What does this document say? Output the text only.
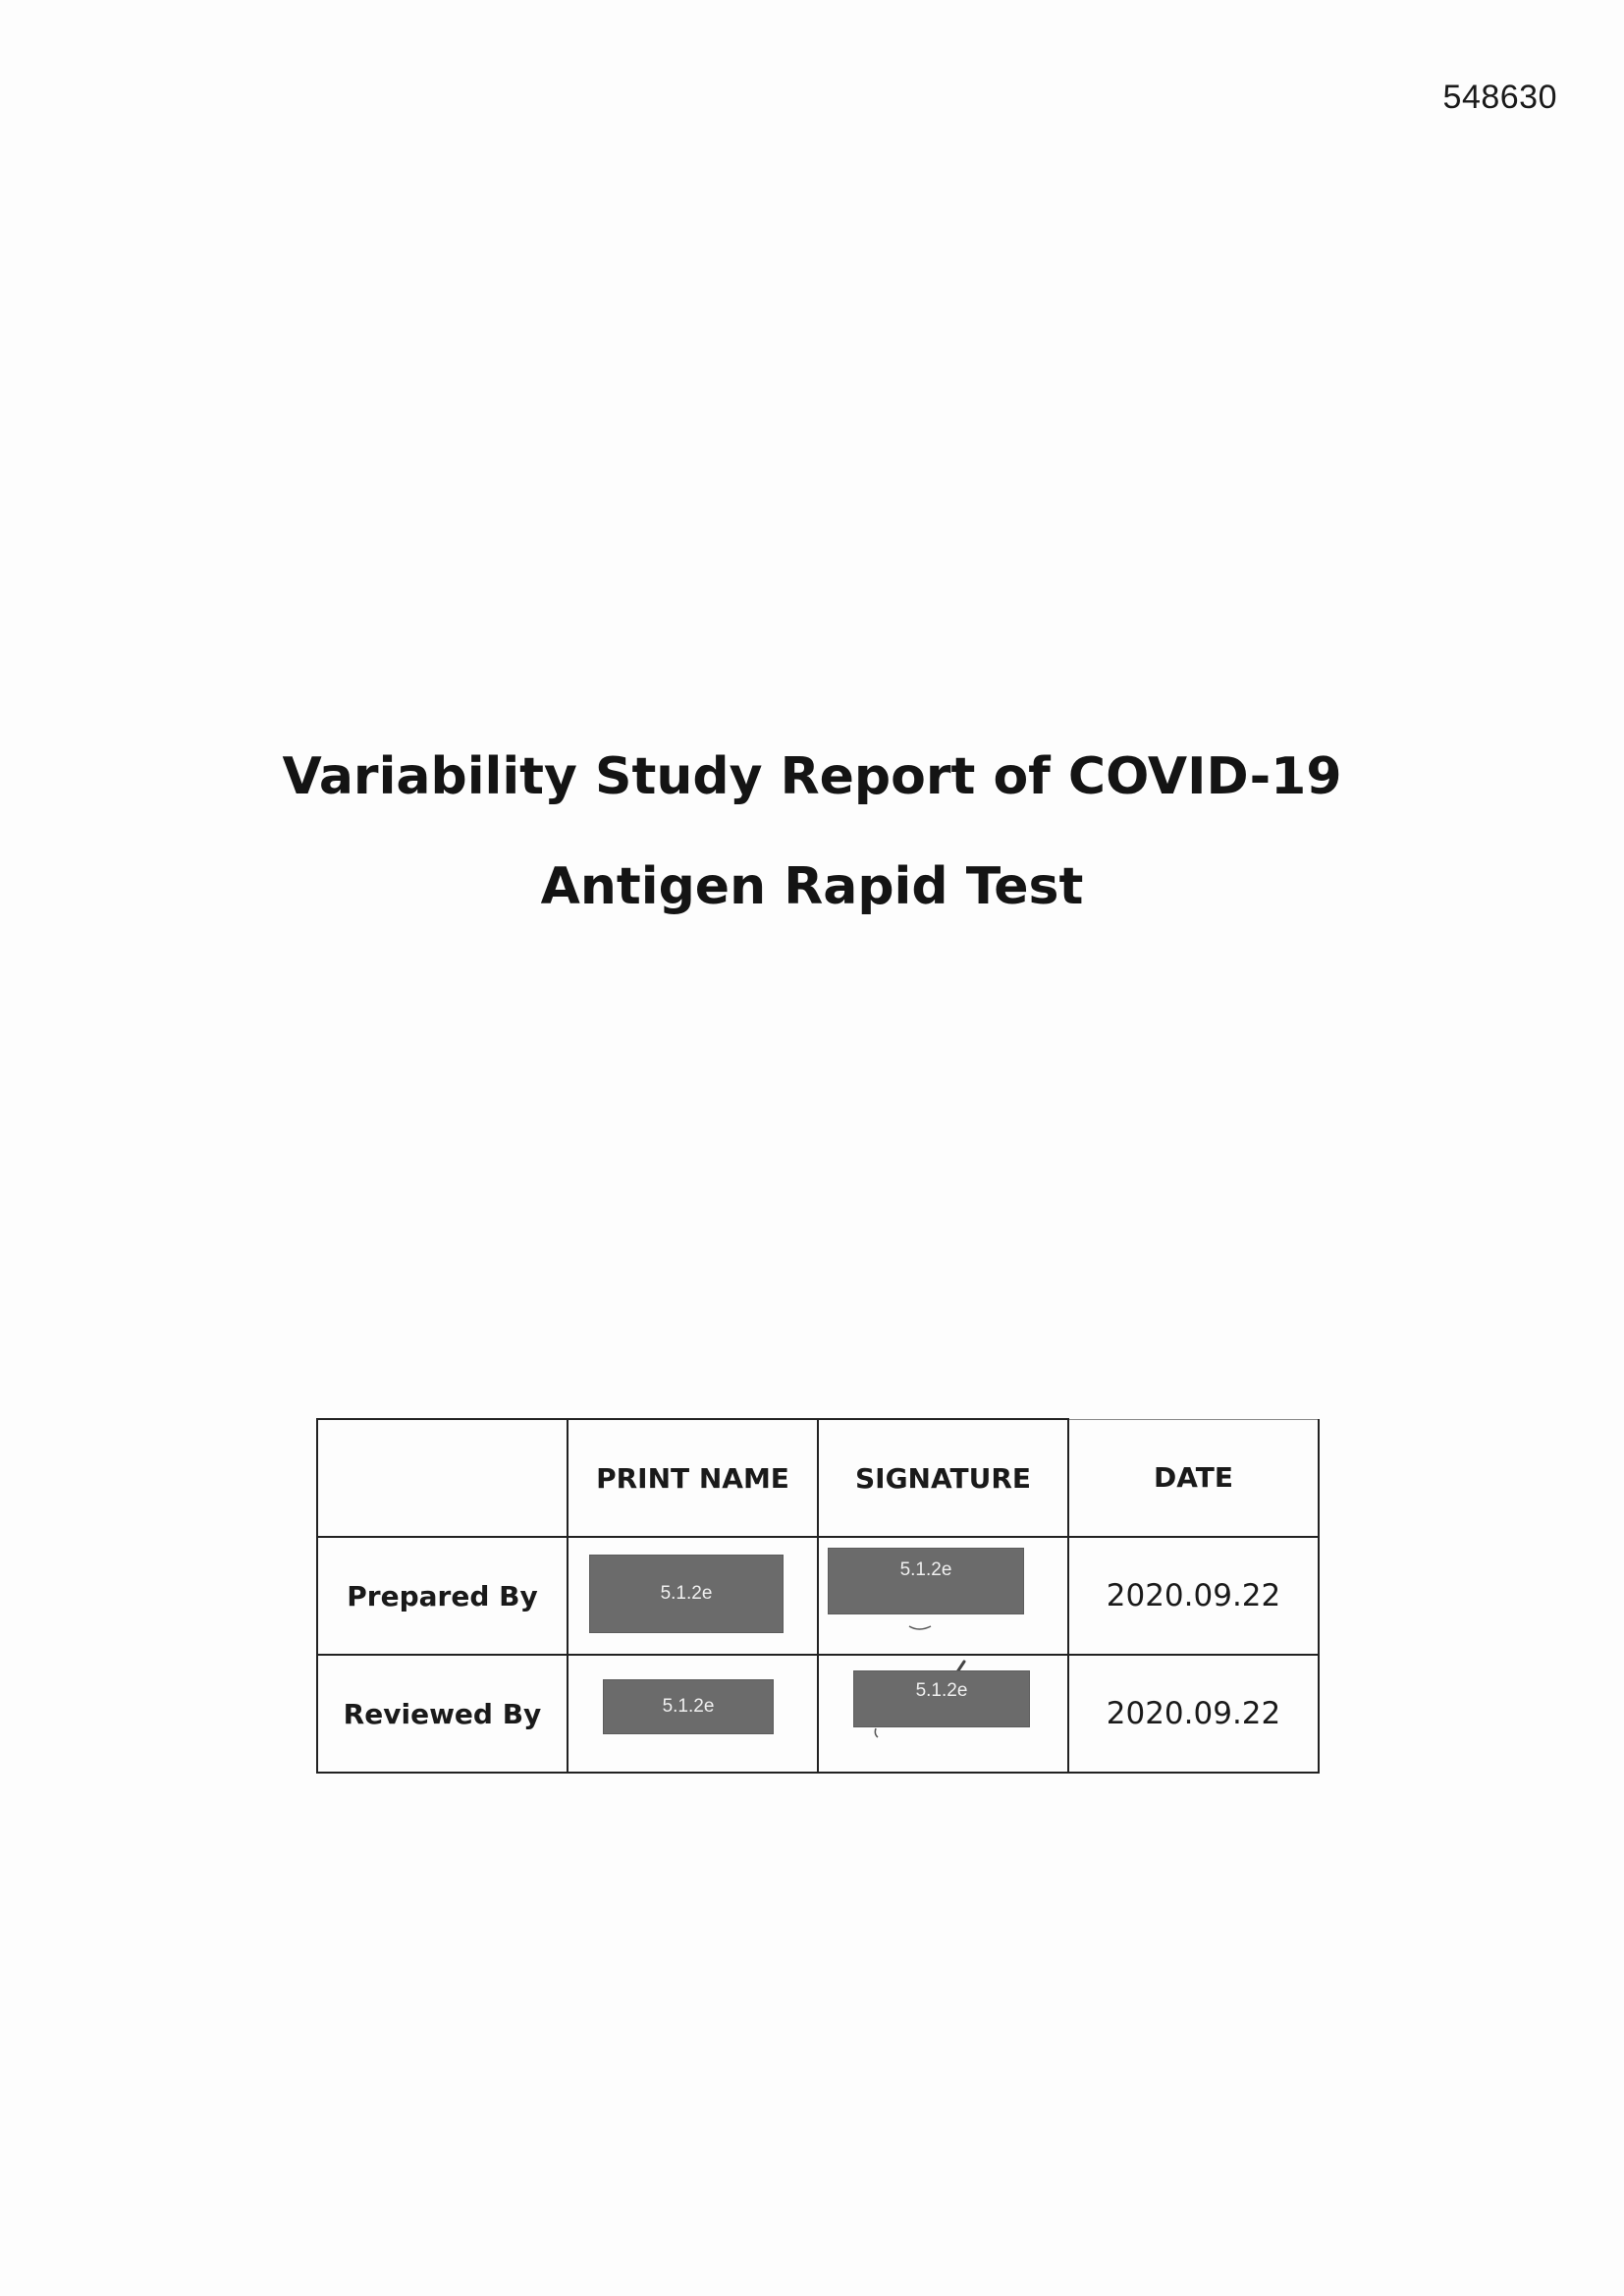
548630
Variability Study Report of COVID-19
Antigen Rapid Test
	PRINT NAME	SIGNATURE	DATE
Prepared By	5.1.2e	5.1.2e	2020.09.22
Reviewed By	5.1.2e	5.1.2e	2020.09.22
